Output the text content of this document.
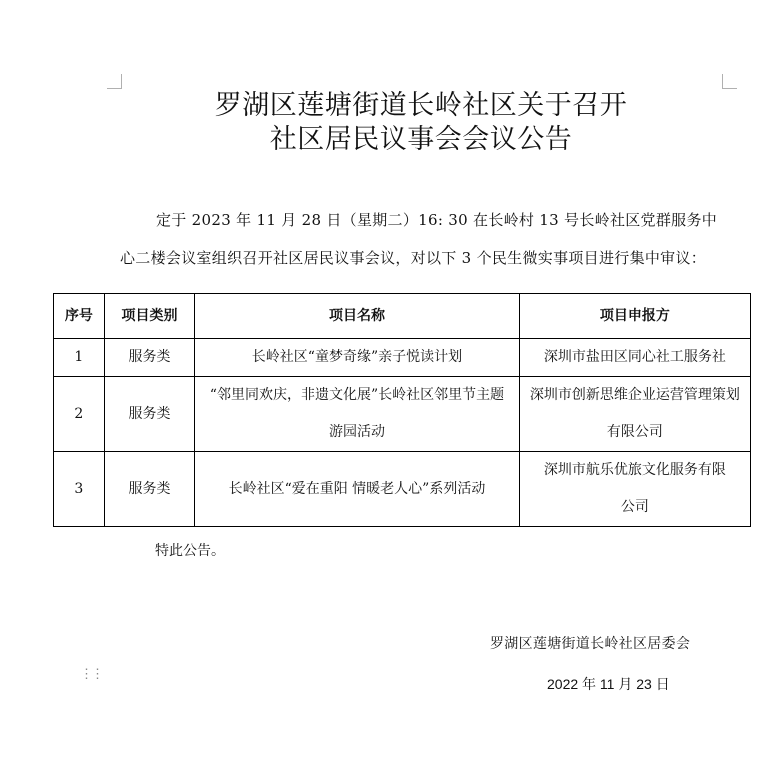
罗湖区莲塘街道长岭社区关于召开
社区居民议事会会议公告
定于 2023 年 11 月 28 日（星期二）16: 30 在长岭村 13 号长岭社区党群服务中
心二楼会议室组织召开社区居民议事会议，对以下 3 个民生微实事项目进行集中审议：
序号	项目类别	项目名称	项目申报方
1	服务类	长岭社区“童梦奇缘”亲子悦读计划	深圳市盐田区同心社工服务社
2	服务类	“邻里同欢庆，非遗文化展”长岭社区邻里节主题游园活动	深圳市创新思维企业运营管理策划有限公司
3	服务类	长岭社区“爱在重阳 情暖老人心”系列活动	深圳市航乐优旅文化服务有限公司
特此公告。
⋮⋮
罗湖区莲塘街道长岭社区居委会
2022 年 11 月 23 日
